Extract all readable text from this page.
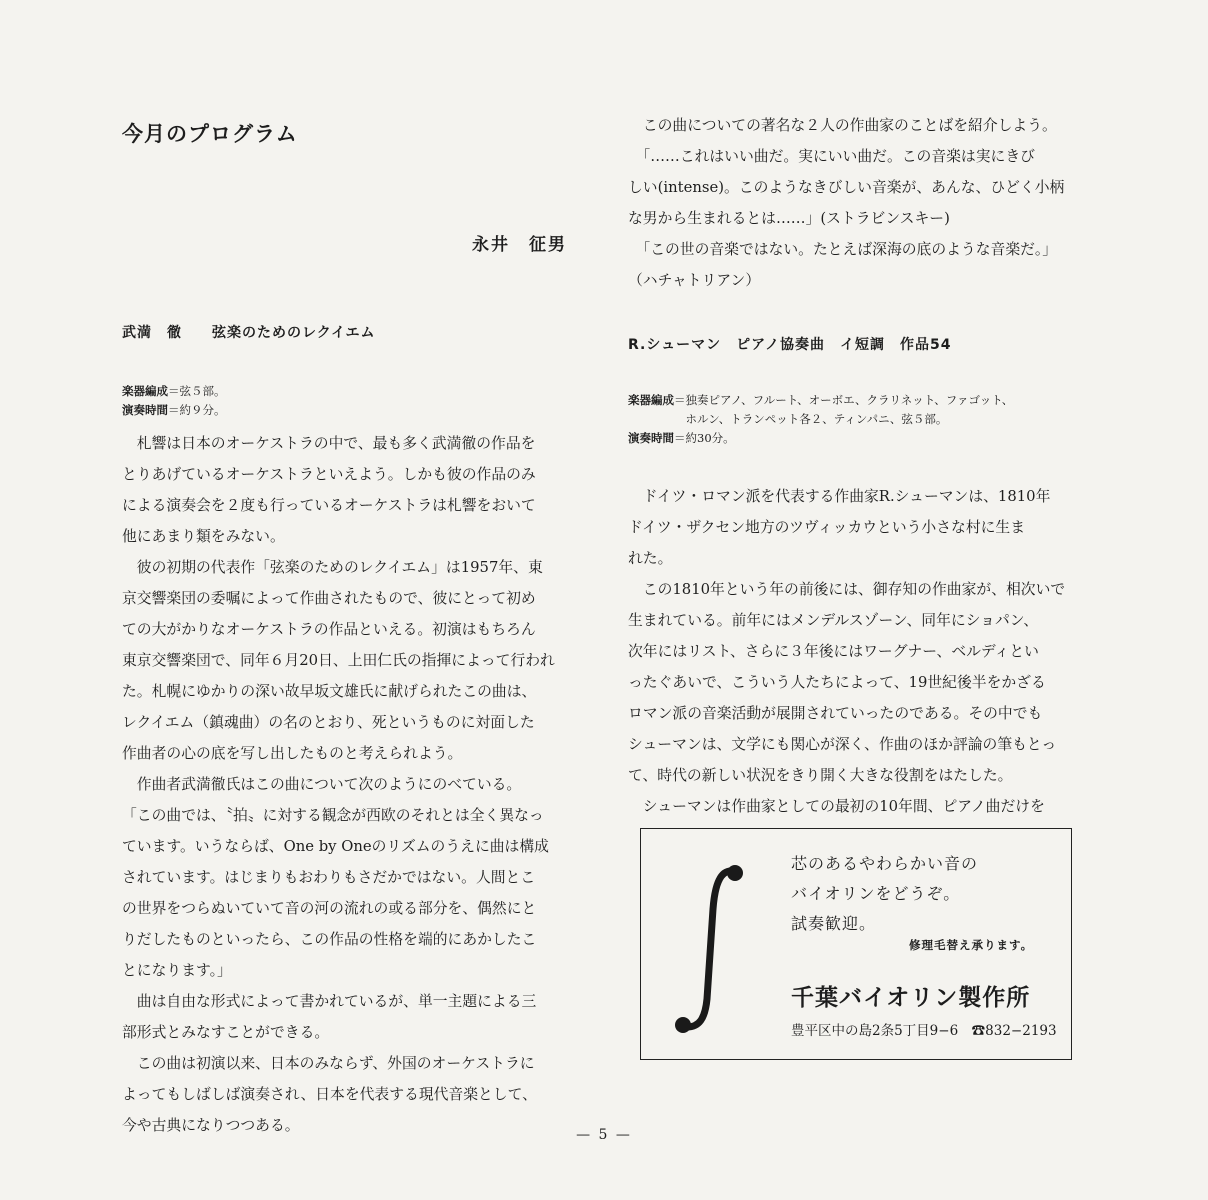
今月のプログラム
永井　征男
武満　徹　　弦楽のためのレクイエム
楽器編成＝弦５部。
演奏時間＝約９分。
　札響は日本のオーケストラの中で、最も多く武満徹の作品を
とりあげているオーケストラといえよう。しかも彼の作品のみ
による演奏会を２度も行っているオーケストラは札響をおいて
他にあまり類をみない。
　彼の初期の代表作「弦楽のためのレクイエム」は1957年、東
京交響楽団の委嘱によって作曲されたもので、彼にとって初め
ての大がかりなオーケストラの作品といえる。初演はもちろん
東京交響楽団で、同年６月20日、上田仁氏の指揮によって行われ
た。札幌にゆかりの深い故早坂文雄氏に献げられたこの曲は、
レクイエム（鎮魂曲）の名のとおり、死というものに対面した
作曲者の心の底を写し出したものと考えられよう。
　作曲者武満徹氏はこの曲について次のようにのべている。
「この曲では、〝拍〟に対する観念が西欧のそれとは全く異なっ
ています。いうならば、One by Oneのリズムのうえに曲は構成
されています。はじまりもおわりもさだかではない。人間とこ
の世界をつらぬいていて音の河の流れの或る部分を、偶然にと
りだしたものといったら、この作品の性格を端的にあかしたこ
とになります。」
　曲は自由な形式によって書かれているが、単一主題による三
部形式とみなすことができる。
　この曲は初演以来、日本のみならず、外国のオーケストラに
よってもしばしば演奏され、日本を代表する現代音楽として、
今や古典になりつつある。
　この曲についての著名な２人の作曲家のことばを紹介しよう。
　「……これはいい曲だ。実にいい曲だ。この音楽は実にきび
しい(intense)。このようなきびしい音楽が、あんな、ひどく小柄
な男から生まれるとは……」(ストラビンスキー)
　「この世の音楽ではない。たとえば深海の底のような音楽だ。」
（ハチャトリアン）
R.シューマン　ピアノ協奏曲　イ短調　作品54
楽器編成＝独奏ピアノ、フルート、オーボエ、クラリネット、ファゴット、
　　　　　ホルン、トランペット各２、ティンパニ、弦５部。
演奏時間＝約30分。
　ドイツ・ロマン派を代表する作曲家R.シューマンは、1810年
ドイツ・ザクセン地方のツヴィッカウという小さな村に生ま
れた。
　この1810年という年の前後には、御存知の作曲家が、相次いで
生まれている。前年にはメンデルスゾーン、同年にショパン、
次年にはリスト、さらに３年後にはワーグナー、ベルディとい
ったぐあいで、こういう人たちによって、19世紀後半をかざる
ロマン派の音楽活動が展開されていったのである。その中でも
シューマンは、文学にも関心が深く、作曲のほか評論の筆もとっ
て、時代の新しい状況をきり開く大きな役割をはたした。
　シューマンは作曲家としての最初の10年間、ピアノ曲だけを
芯のあるやわらかい音の
バイオリンをどうぞ。
試奏歓迎。
修理毛替え承ります。
千葉バイオリン製作所
豊平区中の島2条5丁目9−6　☎832−2193
— 5 —
